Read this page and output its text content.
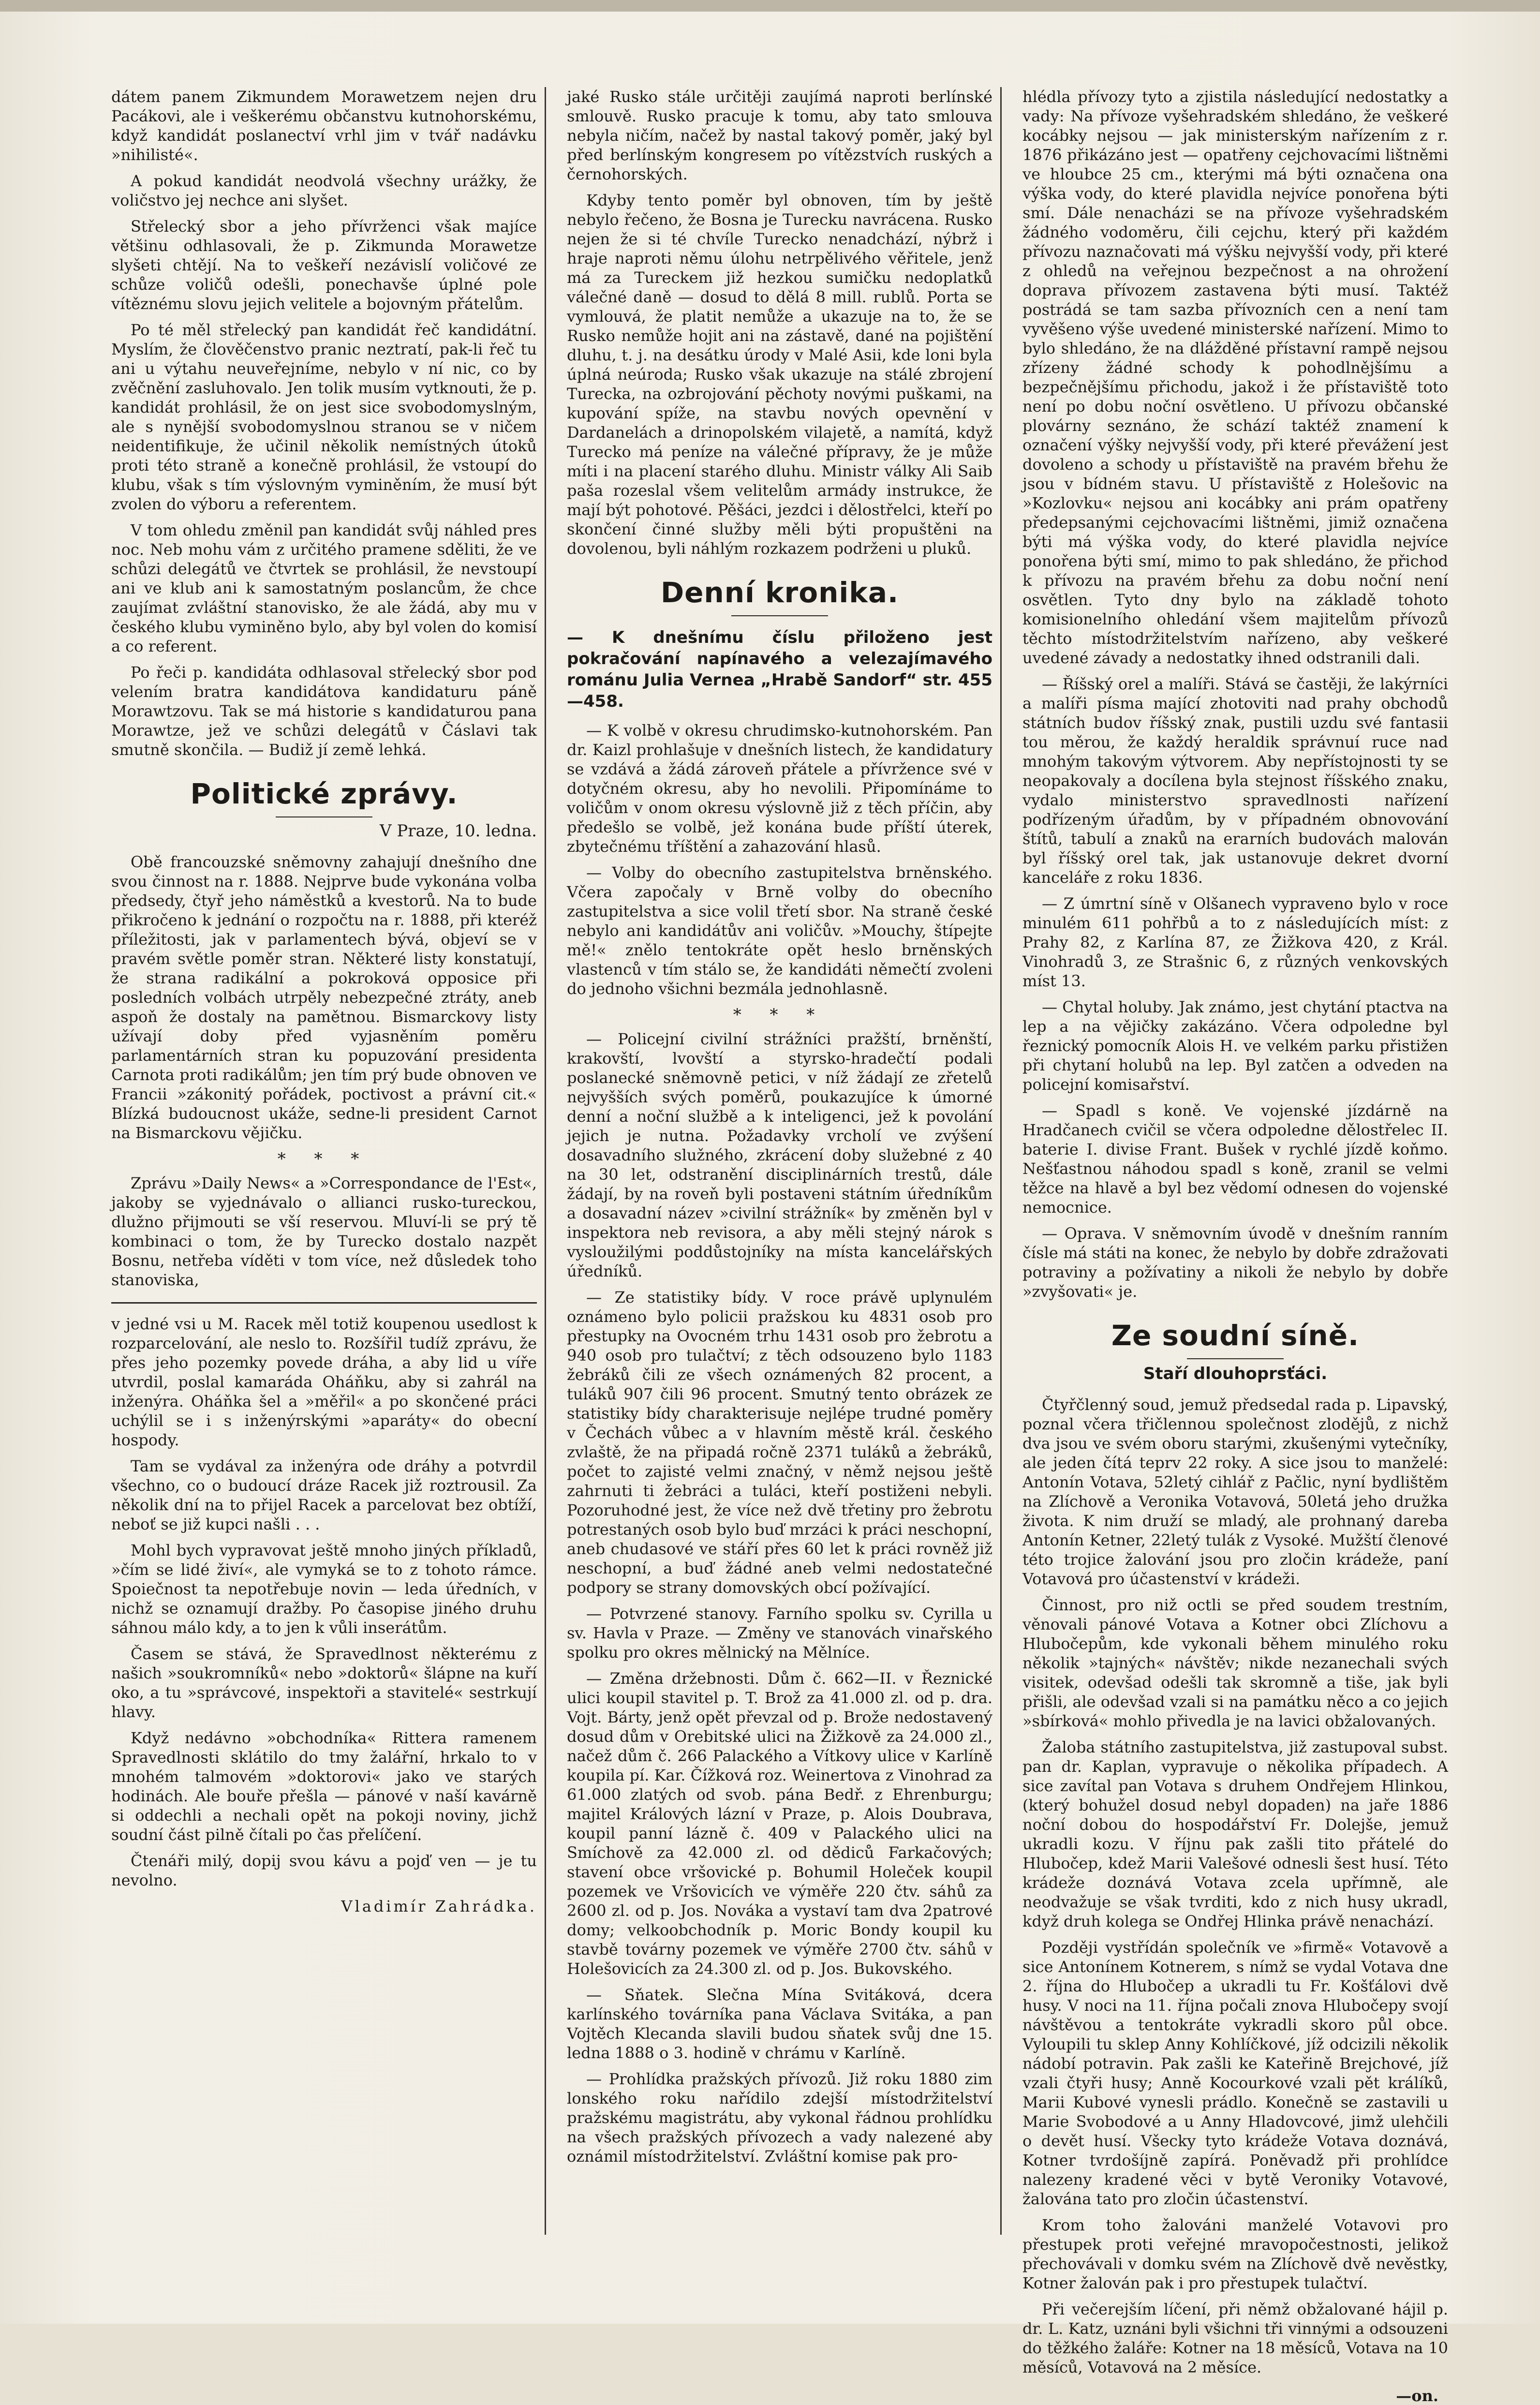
dátem panem Zikmundem Morawetzem nejen dru Pacákovi, ale i veškerému občanstvu kutnohorskému, když kandidát poslanectví vrhl jim v tvář nadávku »nihilisté«.

A pokud kandidát neodvolá všechny urážky, že voličstvo jej nechce ani slyšet.

Střelecký sbor a jeho přívrženci však majíce většinu odhlasovali, že p. Zikmunda Morawetze slyšeti chtějí. Na to veškeří nezávislí voličové ze schůze voličů odešli, ponechavše úplné pole vítěznému slovu jejich velitele a bojovným přátelům.

Po té měl střelecký pan kandidát řeč kandidátní. Myslím, že člověčenstvo pranic neztratí, pak-li řeč tu ani u výtahu neuveřejníme, nebylo v ní nic, co by zvěčnění zasluhovalo. Jen tolik musím vytknouti, že p. kandidát prohlásil, že on jest sice svobodomyslným, ale s nynější svobodomyslnou stranou se v ničem neidentifikuje, že učinil několik nemístných útoků proti této straně a konečně prohlásil, že vstoupí do klubu, však s tím výslovným vyminěním, že musí být zvolen do výboru a referentem.

V tom ohledu změnil pan kandidát svůj náhled pres noc. Neb mohu vám z určitého pramene sděliti, že ve schůzi delegátů ve čtvrtek se prohlásil, že nevstoupí ani ve klub ani k samostatným poslancům, že chce zaujímat zvláštní stanovisko, že ale žádá, aby mu v českého klubu vyminěno bylo, aby byl volen do komisí a co referent.

Po řeči p. kandidáta odhlasoval střelecký sbor pod velením bratra kandidátova kandidaturu páně Morawtzovu. Tak se má historie s kandidaturou pana Morawtze, jež ve schůzi delegátů v Čáslavi tak smutně skončila. — Budiž jí země lehká.

Politické zprávy.
V Praze, 10. ledna.

Obě francouzské sněmovny zahajují dnešního dne svou činnost na r. 1888. Nejprve bude vykonána volba předsedy, čtyř jeho náměstků a kvestorů. Na to bude přikročeno k jednání o rozpočtu na r. 1888, při kteréž příležitosti, jak v parlamentech bývá, objeví se v pravém světle poměr stran. Některé listy konstatují, že strana radikální a pokroková opposice při posledních volbách utrpěly nebezpečné ztráty, aneb aspoň že dostaly na pamětnou. Bismarckovy listy užívají doby před vyjasněním poměru parlamentárních stran ku popuzování presidenta Carnota proti radikálům; jen tím prý bude obnoven ve Francii »zákonitý pořádek, poctivost a právní cit.« Blízká budoucnost ukáže, sedne-li president Carnot na Bismarckovu vějičku.

* * *

Zprávu »Daily News« a »Correspondance de l'Est«, jakoby se vyjednávalo o allianci rusko-tureckou, dlužno přijmouti se vší reservou. Mluví-li se prý tě kombinaci o tom, že by Turecko dostalo nazpět Bosnu, netřeba víděti v tom více, než důsledek toho stanoviska,

v jedné vsi u M. Racek měl totiž koupenou usedlost k rozparcelování, ale neslo to. Rozšířil tudíž zprávu, že přes jeho pozemky povede dráha, a aby lid u víře utvrdil, poslal kamaráda Oháňku, aby si zahrál na inženýra. Oháňka šel a »měřil« a po skončené práci uchýlil se i s inženýrskými »aparáty« do obecní hospody.

Tam se vydával za inženýra ode dráhy a potvrdil všechno, co o budoucí dráze Racek již roztrousil. Za několik dní na to přijel Racek a parcelovat bez obtíží, neboť se již kupci našli . . .

Mohl bych vypravovat ještě mnoho jiných příkladů, »čím se lidé živí«, ale vymyká se to z tohoto rámce. Spoiečnost ta nepotřebuje novin — leda úředních, v nichž se oznamují dražby. Po časopise jiného druhu sáhnou málo kdy, a to jen k vůli inserátům.

Časem se stává, že Spravedlnost některému z našich »soukromníků« nebo »doktorů« šlápne na kuří oko, a tu »správcové, inspektoři a stavitelé« sestrkují hlavy.

Když nedávno »obchodníka« Rittera ramenem Spravedlnosti sklátilo do tmy žalářní, hrkalo to v mnohém talmovém »doktorovi« jako ve starých hodinách. Ale bouře přešla — pánové v naší kavárně si oddechli a nechali opět na pokoji noviny, jichž soudní část pilně čítali po čas přelíčení.

Čtenáři milý, dopij svou kávu a pojď ven — je tu nevolno.

Vladimír Zahrádka.

jaké Rusko stále určitěji zaujímá naproti berlínské smlouvě. Rusko pracuje k tomu, aby tato smlouva nebyla ničím, načež by nastal takový poměr, jaký byl před berlínským kongresem po vítězstvích ruských a černohorských.

Kdyby tento poměr byl obnoven, tím by ještě nebylo řečeno, že Bosna je Turecku navrácena. Rusko nejen že si té chvíle Turecko nenadchází, nýbrž i hraje naproti němu úlohu netrpělivého věřitele, jenž má za Tureckem již hezkou sumičku nedoplatků válečné daně — dosud to dělá 8 mill. rublů. Porta se vymlouvá, že platit nemůže a ukazuje na to, že se Rusko nemůže hojit ani na zástavě, dané na pojištění dluhu, t. j. na desátku úrody v Malé Asii, kde loni byla úplná neúroda; Rusko však ukazuje na stálé zbrojení Turecka, na ozbrojování pěchoty novými puškami, na kupování spíže, na stavbu nových opevnění v Dardanelách a drinopolském vilajetě, a namítá, když Turecko má peníze na válečné přípravy, že je může míti i na placení starého dluhu. Ministr války Ali Saib paša rozeslal všem velitelům armády instrukce, že mají být pohotové. Pěšáci, jezdci i dělostřelci, kteří po skončení činné služby měli býti propuštěni na dovolenou, byli náhlým rozkazem podrženi u pluků.

Denní kronika.
— K dnešnímu číslu přiloženo jest pokračování napínavého a velezajímavého románu Julia Vernea „Hrabě Sandorf“ str. 455—458.

— K volbě v okresu chrudimsko-kutnohorském. Pan dr. Kaizl prohlašuje v dnešních listech, že kandidatury se vzdává a žádá zároveň přátele a přívržence své v dotyčném okresu, aby ho nevolili. Připomínáme to voličům v onom okresu výslovně již z těch příčin, aby předešlo se volbě, jež konána bude příští úterek, zbytečnému tříštění a zahazování hlasů.

— Volby do obecního zastupitelstva brněnského. Včera započaly v Brně volby do obecního zastupitelstva a sice volil třetí sbor. Na straně české nebylo ani kandidátův ani voličův. »Mouchy, štípejte mě!« znělo tentokráte opět heslo brněnských vlastenců v tím stálo se, že kandidáti němečtí zvoleni do jednoho všichni bezmála jednohlasně.

* * *

— Policejní civilní strážníci pražští, brněnští, krakovští, lvovští a styrsko-hradečtí podali poslanecké sněmovně petici, v níž žádají ze zřetelů nejvyšších svých poměrů, poukazujíce k úmorné denní a noční službě a k inteligenci, jež k povolání jejich je nutna. Požadavky vrcholí ve zvýšení dosavadního služného, zkrácení doby služebné z 40 na 30 let, odstranění disciplinárních trestů, dále žádají, by na roveň byli postaveni státním úředníkům a dosavadní název »civilní strážník« by změněn byl v inspektora neb revisora, a aby měli stejný nárok s vysloužilými poddůstojníky na místa kancelářských úředníků.

— Ze statistiky bídy. V roce právě uplynulém oznámeno bylo policii pražskou ku 4831 osob pro přestupky na Ovocném trhu 1431 osob pro žebrotu a 940 osob pro tulačtví; z těch odsouzeno bylo 1183 žebráků čili ze všech oznámených 82 procent, a tuláků 907 čili 96 procent. Smutný tento obrázek ze statistiky bídy charakterisuje nejlépe trudné poměry v Čechách vůbec a v hlavním městě král. českého zvlaště, že na připadá ročně 2371 tuláků a žebráků, počet to zajisté velmi značný, v němž nejsou ještě zahrnuti ti žebráci a tuláci, kteří postiženi nebyli. Pozoruhodné jest, že více než dvě třetiny pro žebrotu potrestaných osob bylo buď mrzáci k práci neschopní, aneb chudasové ve stáří přes 60 let k práci rovněž již neschopní, a buď žádné aneb velmi nedostatečné podpory se strany domovských obcí požívající.

— Potvrzené stanovy. Farního spolku sv. Cyrilla u sv. Havla v Praze. — Změny ve stanovách vinařského spolku pro okres mělnický na Mělníce.

— Změna držebnosti. Dům č. 662—II. v Řeznické ulici koupil stavitel p. T. Brož za 41.000 zl. od p. dra. Vojt. Bárty, jenž opět převzal od p. Brože nedostavený dosud dům v Orebitské ulici na Žižkově za 24.000 zl., načež dům č. 266 Palackého a Vítkovy ulice v Karlíně koupila pí. Kar. Čížková roz. Weinertova z Vinohrad za 61.000 zlatých od svob. pána Bedř. z Ehrenburgu; majitel Králových lázní v Praze, p. Alois Doubrava, koupil panní lázně č. 409 v Palackého ulici na Smíchově za 42.000 zl. od dědiců Farkačových; stavení obce vršovické p. Bohumil Holeček koupil pozemek ve Vršovicích ve výměře 220 čtv. sáhů za 2600 zl. od p. Jos. Nováka a vystaví tam dva 2patrové domy; velkoobchodník p. Moric Bondy koupil ku stavbě továrny pozemek ve výměře 2700 čtv. sáhů v Holešovicích za 24.300 zl. od p. Jos. Bukovského.

— Sňatek. Slečna Mína Svitáková, dcera karlínského továrníka pana Václava Svitáka, a pan Vojtěch Klecanda slavili budou sňatek svůj dne 15. ledna 1888 o 3. hodině v chrámu v Karlíně.

— Prohlídka pražských přívozů. Již roku 1880 zim lonského roku nařídilo zdejší místodržitelství pražskému magistrátu, aby vykonal řádnou prohlídku na všech pražských přívozech a vady nalezené aby oznámil místodržitelství. Zvláštní komise pak pro-

hlédla přívozy tyto a zjistila následující nedostatky a vady: Na přívoze vyšehradském shledáno, že veškeré kocábky nejsou — jak ministerským nařízením z r. 1876 přikázáno jest — opatřeny cejchovacími lištněmi ve hloubce 25 cm., kterými má býti označena ona výška vody, do které plavidla nejvíce ponořena býti smí. Dále nenacházi se na přívoze vyšehradském žádného vodoměru, čili cejchu, který při každém přívozu naznačovati má výšku nejvyšší vody, při které z ohledů na veřejnou bezpečnost a na ohrožení doprava přívozem zastavena býti musí. Taktéž postrádá se tam sazba přívozních cen a není tam vyvěšeno výše uvedené ministerské nařízení. Mimo to bylo shledáno, že na dlážděné přístavní rampě nejsou zřízeny žádné schody k pohodlnějšímu a bezpečnějšímu přichodu, jakož i že přístaviště toto není po dobu noční osvětleno. U přívozu občanské plovárny seznáno, že schází taktéž znamení k označení výšky nejvyšší vody, při které převážení jest dovoleno a schody u přístaviště na pravém břehu že jsou v bídném stavu. U přístaviště z Holešovic na »Kozlovku« nejsou ani kocábky ani prám opatřeny předepsanými cejchovacími lištněmi, jimiž označena býti má výška vody, do které plavidla nejvíce ponořena býti smí, mimo to pak shledáno, že přichod k přívozu na pravém břehu za dobu noční není osvětlen. Tyto dny bylo na základě tohoto komisionelního ohledání všem majitelům přívozů těchto místodržitelstvím nařízeno, aby veškeré uvedené závady a nedostatky ihned odstranili dali.

— Říšský orel a malíři. Stává se častěji, že lakýrníci a malíři písma mající zhotoviti nad prahy obchodů státních budov říšský znak, pustili uzdu své fantasii tou měrou, že každý heraldik správnuí ruce nad mnohým takovým výtvorem. Aby nepřístojnosti ty se neopakovaly a docílena byla stejnost říšského znaku, vydalo ministerstvo spravedlnosti nařízení podřízeným úřadům, by v případném obnovování štítů, tabulí a znaků na erarních budovách malován byl říšský orel tak, jak ustanovuje dekret dvorní kanceláře z roku 1836.

— Z úmrtní síně v Olšanech vypraveno bylo v roce minulém 611 pohřbů a to z následujících míst: z Prahy 82, z Karlína 87, ze Žižkova 420, z Král. Vinohradů 3, ze Strašnic 6, z různých venkovských míst 13.

— Chytal holuby. Jak známo, jest chytání ptactva na lep a na vějičky zakázáno. Včera odpoledne byl řeznický pomocník Alois H. ve velkém parku přistižen při chytaní holubů na lep. Byl zatčen a odveden na policejní komisařství.

— Spadl s koně. Ve vojenské jízdárně na Hradčanech cvičil se včera odpoledne dělostřelec II. baterie I. divise Frant. Bušek v rychlé jízdě koňmo. Nešťastnou náhodou spadl s koně, zranil se velmi těžce na hlavě a byl bez vědomí odnesen do vojenské nemocnice.

— Oprava. V sněmovním úvodě v dnešním ranním čísle má státi na konec, že nebylo by dobře zdražovati potraviny a požívatiny a nikoli že nebylo by dobře »zvyšovati« je.

Ze soudní síně.
Staří dlouhoprsťáci.

Čtyřčlenný soud, jemuž předsedal rada p. Lipavský, poznal včera třičlennou společnost zlodějů, z nichž dva jsou ve svém oboru starými, zkušenými vytečníky, ale jeden čítá teprv 22 roky. A sice jsou to manželé: Antonín Votava, 52letý cihlář z Pačlic, nyní bydlištěm na Zlíchově a Veronika Votavová, 50letá jeho družka života. K nim druží se mladý, ale prohnaný dareba Antonín Ketner, 22letý tulák z Vysoké. Mužští členové této trojice žalování jsou pro zločin krádeže, paní Votavová pro účastenství v krádeži.

Činnost, pro niž octli se před soudem trestním, věnovali pánové Votava a Kotner obci Zlíchovu a Hlubočepům, kde vykonali během minulého roku několik »tajných« návštěv; nikde nezanechali svých visitek, odevšad odešli tak skromně a tiše, jak byli přišli, ale odevšad vzali si na památku něco a co jejich »sbírková« mohlo přivedla je na lavici obžalovaných.

Žaloba státního zastupitelstva, již zastupoval subst. pan dr. Kaplan, vypravuje o několika případech. A sice zavítal pan Votava s druhem Ondřejem Hlinkou, (který bohužel dosud nebyl dopaden) na jaře 1886 noční dobou do hospodářství Fr. Dolejše, jemuž ukradli kozu. V říjnu pak zašli tito přátelé do Hlubočep, kdež Marii Valešové odnesli šest husí. Této krádeže doznává Votava zcela upřímně, ale neodvažuje se však tvrditi, kdo z nich husy ukradl, když druh kolega se Ondřej Hlinka právě nenachází.

Později vystřídán společník ve »firmě« Votavově a sice Antonínem Kotnerem, s nímž se vydal Votava dne 2. října do Hlubočep a ukradli tu Fr. Košťálovi dvě husy. V noci na 11. října počali znova Hlubočepy svojí návštěvou a tentokráte vykradli skoro půl obce. Vyloupili tu sklep Anny Kohlíčkové, jíž odcizili několik nádobí potravin. Pak zašli ke Kateřině Brejchové, jíž vzali čtyři husy; Anně Kocourkové vzali pět králíků, Marii Kubové vynesli prádlo. Konečně se zastavili u Marie Svobodové a u Anny Hladovcové, jimž ulehčili o devět husí. Všecky tyto krádeže Votava doznává, Kotner tvrdošíjně zapírá. Poněvadž při prohlídce nalezeny kradené věci v bytě Veroniky Votavové, žalována tato pro zločin účastenství.

Krom toho žalováni manželé Votavovi pro přestupek proti veřejné mravopočestnosti, jelikož přechovávali v domku svém na Zlíchově dvě nevěstky, Kotner žalován pak i pro přestupek tulačtví.

Při večerejším líčení, při němž obžalované hájil p. dr. L. Katz, uznáni byli všichni tři vinnými a odsouzeni do těžkého žaláře: Kotner na 18 měsíců, Votava na 10 měsíců, Votavová na 2 měsíce.

—on.
